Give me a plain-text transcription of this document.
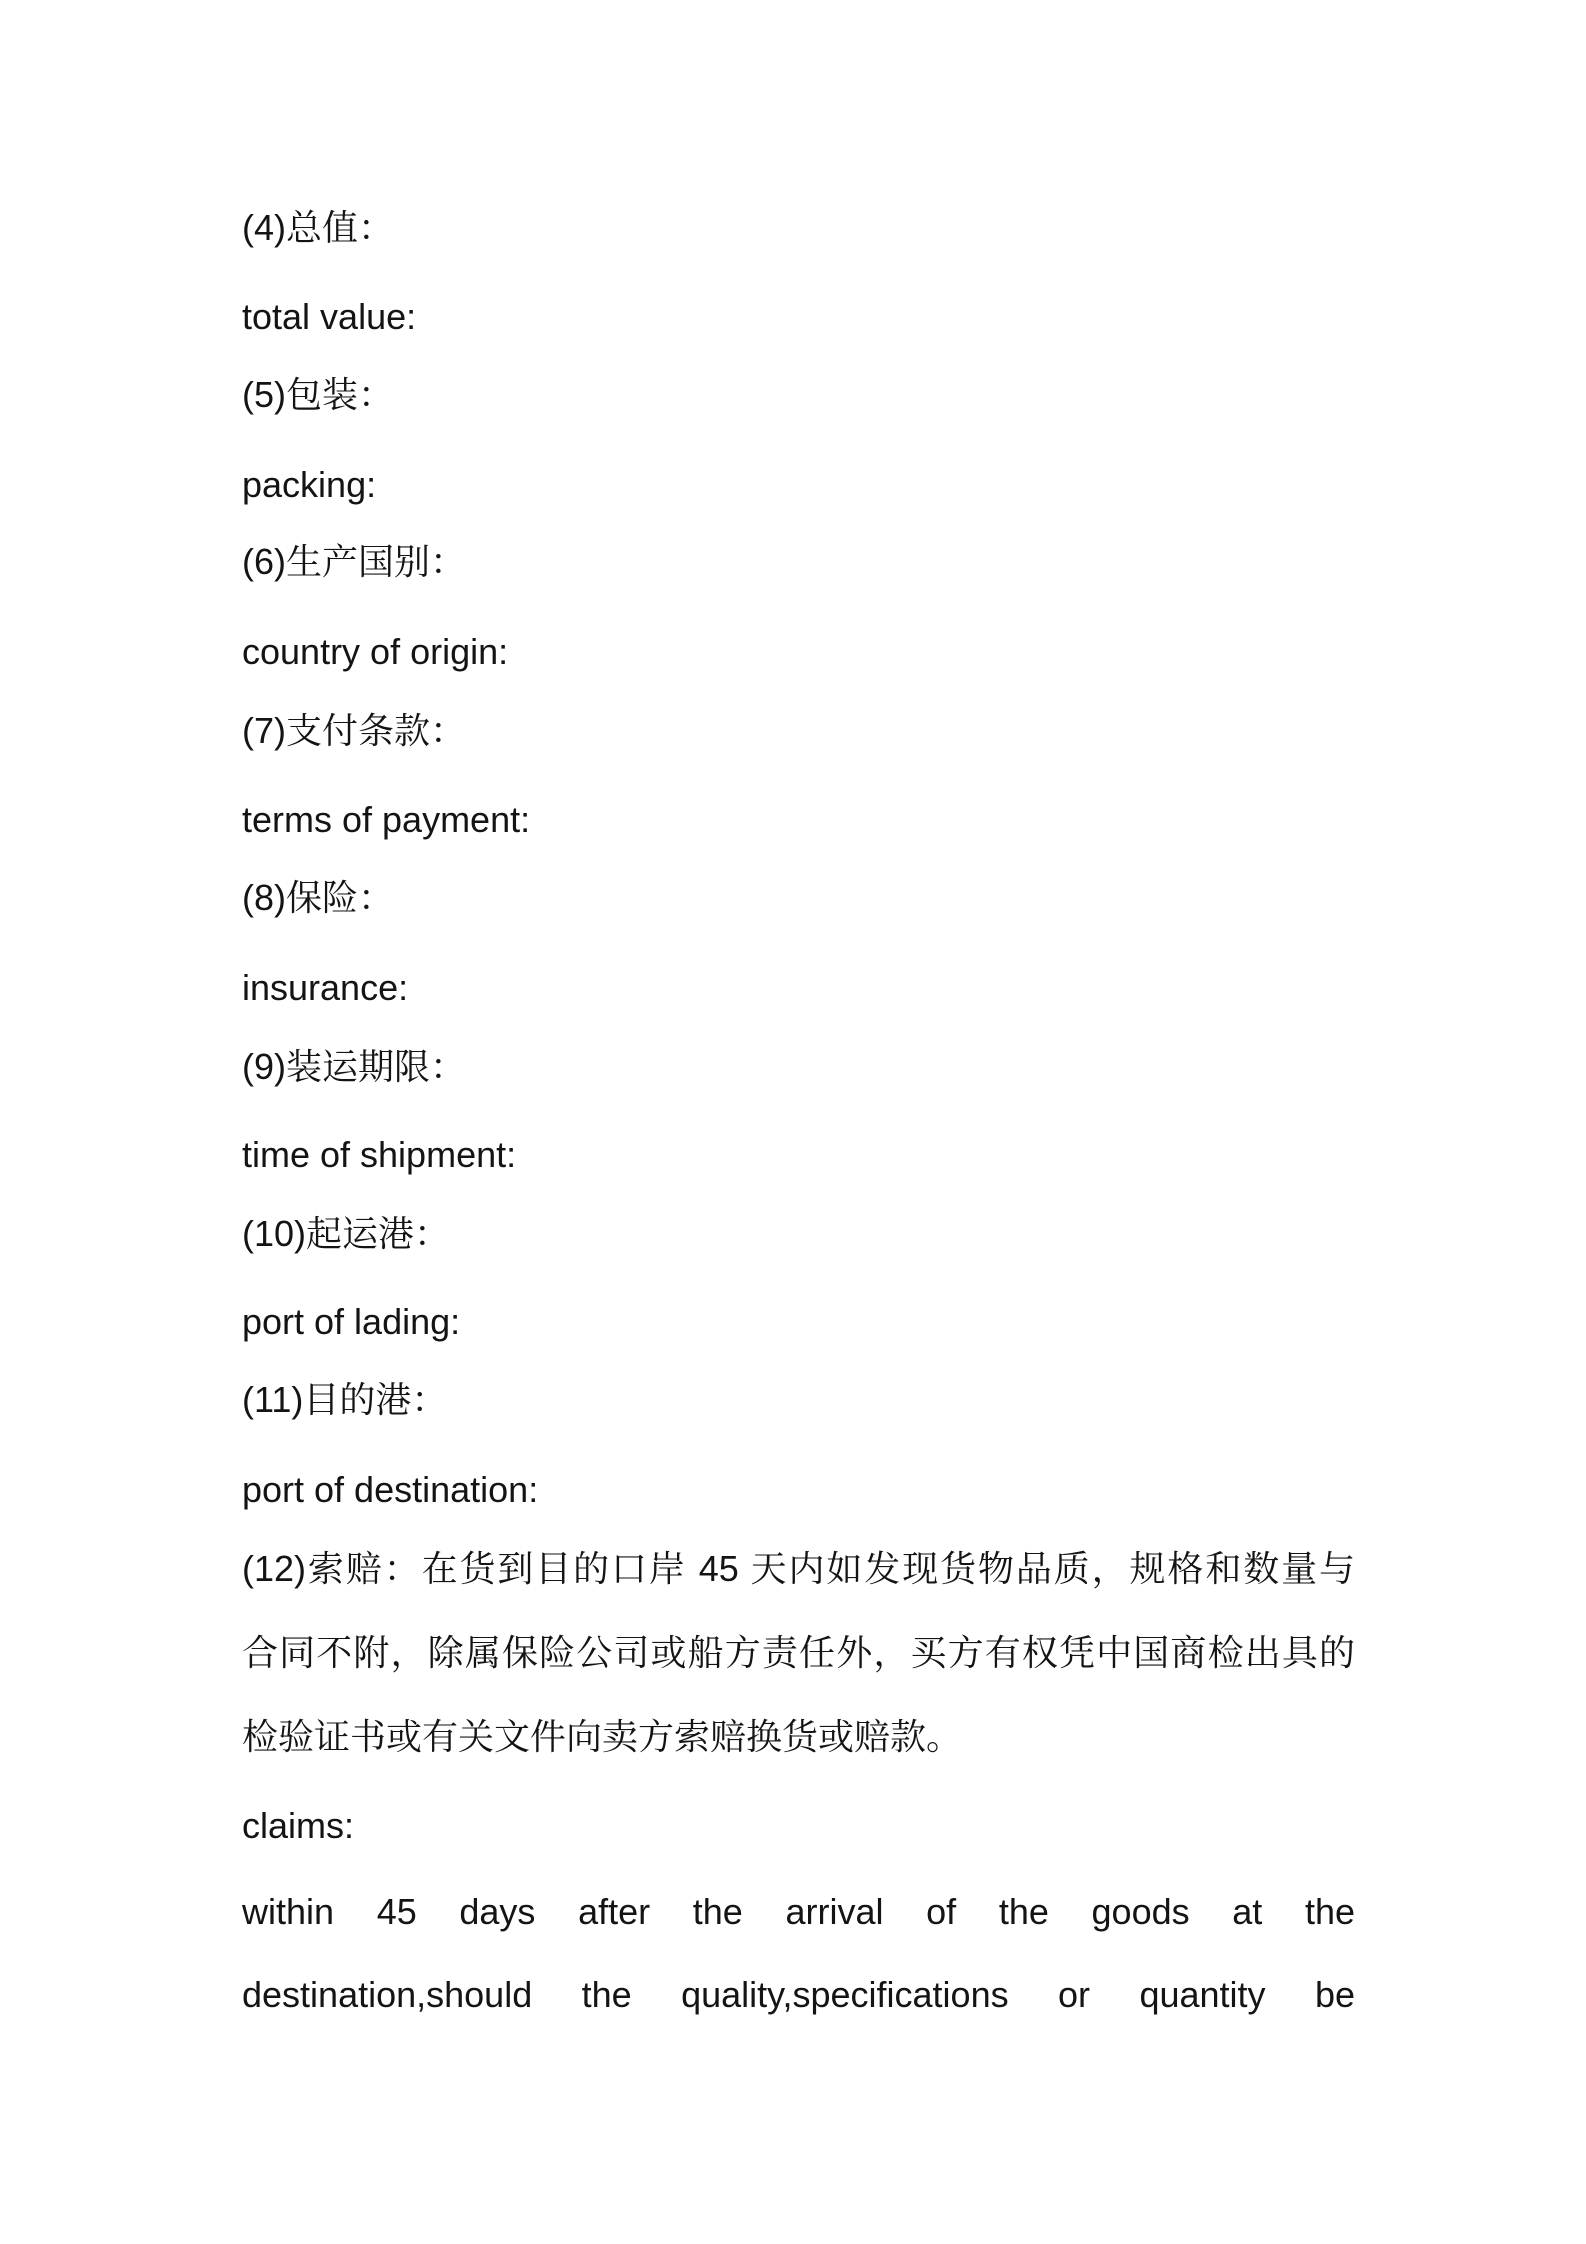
(4)总值：
total value:
(5)包装：
packing:
(6)生产国别：
country of origin:
(7)支付条款：
terms of payment:
(8)保险：
insurance:
(9)装运期限：
time of shipment:
(10)起运港：
port of lading:
(11)目的港：
port of destination:
(12)索赔：在货到目的口岸 45 天内如发现货物品质，规格和数量与
合同不附，除属保险公司或船方责任外，买方有权凭中国商检出具的
检验证书或有关文件向卖方索赔换货或赔款。
claims:
within 45 days after the arrival of the goods at the
destination,should the quality,specifications or quantity be
